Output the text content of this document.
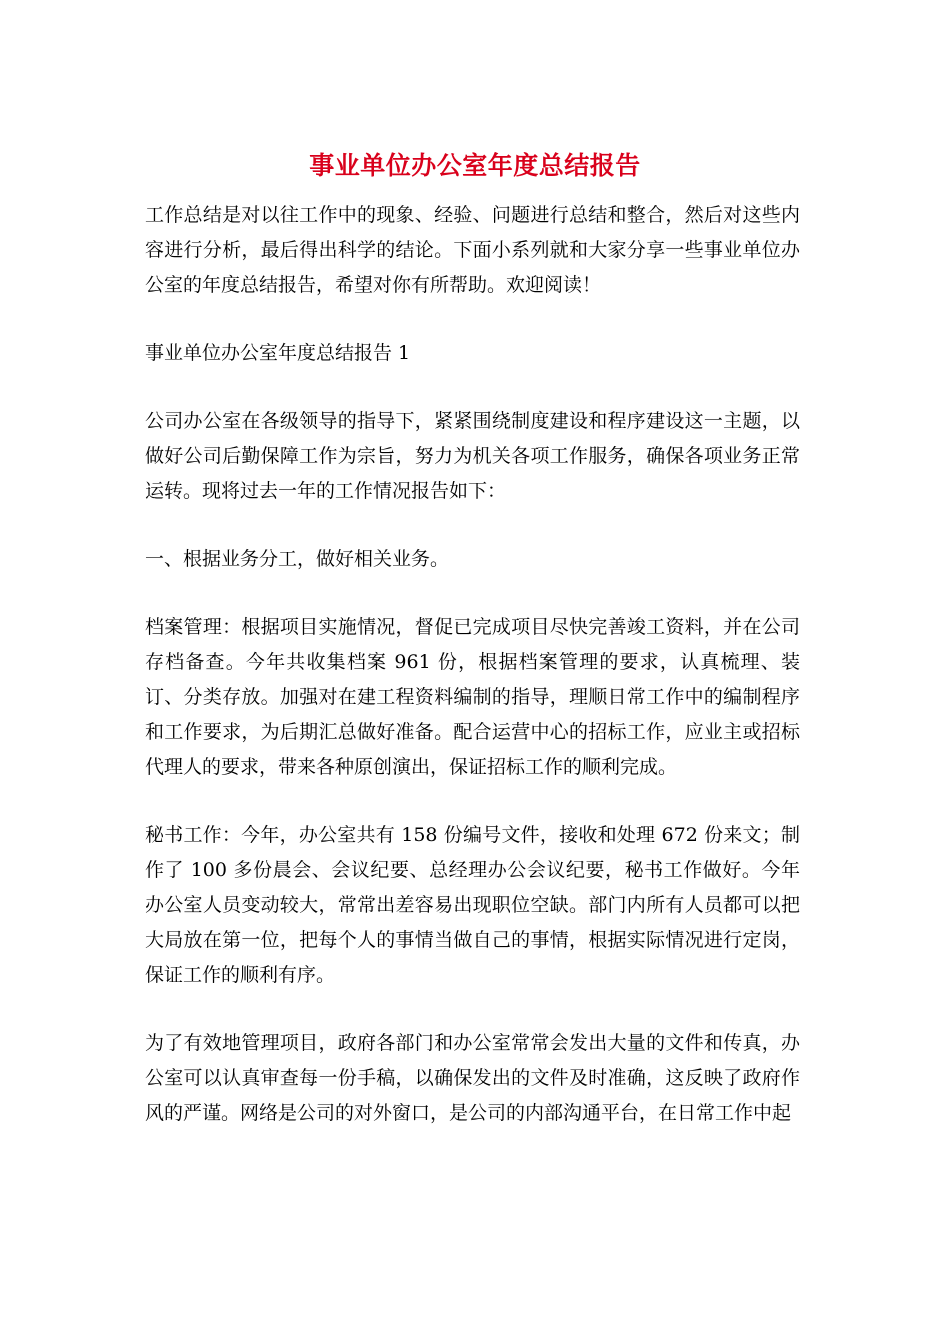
事业单位办公室年度总结报告

工作总结是对以往工作中的现象、经验、问题进行总结和整合，然后对这些内容进行分析，最后得出科学的结论。下面小系列就和大家分享一些事业单位办公室的年度总结报告，希望对你有所帮助。欢迎阅读！

事业单位办公室年度总结报告 1

公司办公室在各级领导的指导下，紧紧围绕制度建设和程序建设这一主题，以做好公司后勤保障工作为宗旨，努力为机关各项工作服务，确保各项业务正常运转。现将过去一年的工作情况报告如下：

一、根据业务分工，做好相关业务。

档案管理：根据项目实施情况，督促已完成项目尽快完善竣工资料，并在公司存档备查。今年共收集档案 961 份，根据档案管理的要求，认真梳理、装订、分类存放。加强对在建工程资料编制的指导，理顺日常工作中的编制程序和工作要求，为后期汇总做好准备。配合运营中心的招标工作，应业主或招标代理人的要求，带来各种原创演出，保证招标工作的顺利完成。

秘书工作：今年，办公室共有 158 份编号文件，接收和处理 672 份来文；制作了 100 多份晨会、会议纪要、总经理办公会议纪要，秘书工作做好。今年办公室人员变动较大，常常出差容易出现职位空缺。部门内所有人员都可以把大局放在第一位，把每个人的事情当做自己的事情，根据实际情况进行定岗，保证工作的顺利有序。

为了有效地管理项目，政府各部门和办公室常常会发出大量的文件和传真，办公室可以认真审查每一份手稿，以确保发出的文件及时准确，这反映了政府作风的严谨。网络是公司的对外窗口，是公司的内部沟通平台，在日常工作中起
